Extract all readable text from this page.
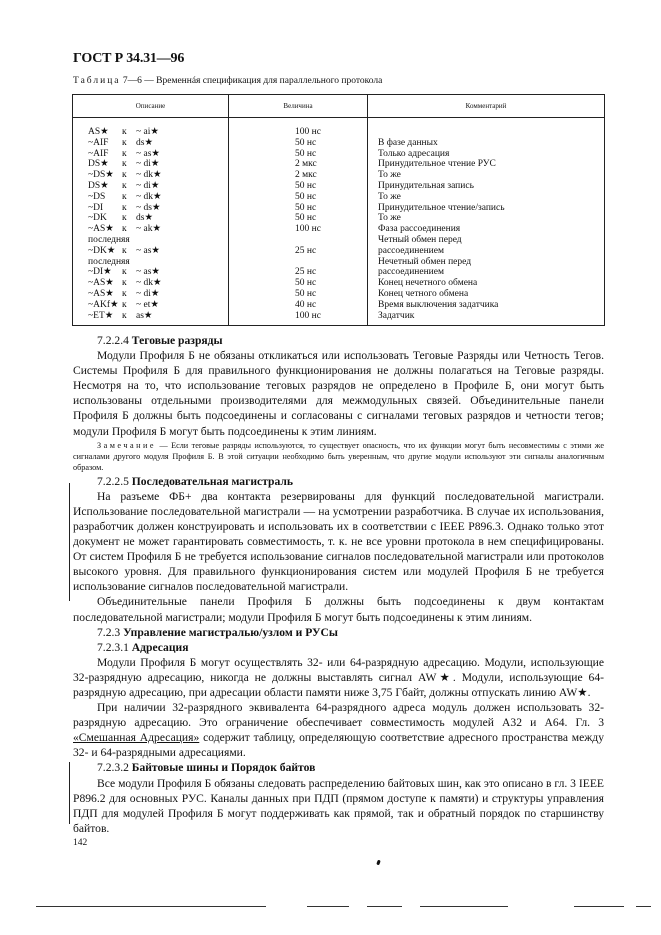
ГОСТ Р 34.31—96
Таблица 7—6 — Временнáя спецификация для параллельного протокола
Описание	Величина	Комментарий
AS★ к ~ ai★	100 нс	
~AIF к ds★	50 нс	В фазе данных
~AIF к ~ as★	50 нс	Только адресация
DS★ к ~ di★	2 мкс	Принудительное чтение РУС
~DS★ к ~ dk★	2 мкс	То же
DS★ к ~ di★	50 нс	Принудительная запись
~DS к ~ dk★	50 нс	То же
~DI к ~ ds★	50 нс	Принудительное чтение/запись
~DK к ds★	50 нс	То же
~AS★ к ~ ak★	100 нс	Фаза рассоединения
последняя		Четный обмен перед
~DK★ к ~ as★	25 нс	рассоединением
последняя		Нечетный обмен перед
~DI★ к ~ as★	25 нс	рассоединением
~AS★ к ~ dk★	50 нс	Конец нечетного обмена
~AS★ к ~ di★	50 нс	Конец четного обмена
~AKf★ к ~ et★	40 нс	Время выключения задатчика
~ET★ к as★	100 нс	Задатчик
7.2.2.4 Теговые разряды

Модули Профиля Б не обязаны откликаться или использовать Теговые Разряды или Четность Тегов. Системы Профиля Б для правильного функционирования не должны полагаться на Теговые разряды. Несмотря на то, что использование теговых разрядов не определено в Профиле Б, они могут быть использованы отдельными производителями для межмодульных связей. Объединительные панели Профиля Б должны быть подсоединены и согласованы с сигналами теговых разрядов и четности тегов; модули Профиля Б могут быть подсоединены к этим линиям.

Замечание — Если теговые разряды используются, то существует опасность, что их функции могут быть несовместимы с этими же сигналами другого модуля Профиля Б. В этой ситуации необходимо быть уверенным, что другие модули используют эти сигналы аналогичным образом.

7.2.2.5 Последовательная магистраль

На разъеме ФБ+ два контакта резервированы для функций последовательной магистрали. Использование последовательной магистрали — на усмотрении разработчика. В случае их использования, разработчик должен конструировать и использовать их в соответствии с IEEE P896.3. Однако только этот документ не может гарантировать совместимость, т. к. не все уровни протокола в нем специфицированы. От систем Профиля Б не требуется использование сигналов последовательной магистрали или протоколов высокого уровня. Для правильного функционирования систем или модулей Профиля Б не требуется использование сигналов последовательной магистрали.

Объединительные панели Профиля Б должны быть подсоединены к двум контактам последовательной магистрали; модули Профиля Б могут быть подсоединены к этим линиям.

7.2.3 Управление магистралью/узлом и РУСы
7.2.3.1 Адресация

Модули Профиля Б могут осуществлять 32- или 64-разрядную адресацию. Модули, использующие 32-разрядную адресацию, никогда не должны выставлять сигнал AW★. Модули, использующие 64-разрядную адресацию, при адресации области памяти ниже 3,75 Гбайт, должны отпускать линию AW★.

При наличии 32-разрядного эквивалента 64-разрядного адреса модуль должен использовать 32-разрядную адресацию. Это ограничение обеспечивает совместимость модулей A32 и A64. Гл. 3 «Смешанная Адресация» содержит таблицу, определяющую соответствие адресного пространства между 32- и 64-разрядными адресациями.

7.2.3.2 Байтовые шины и Порядок байтов

Все модули Профиля Б обязаны следовать распределению байтовых шин, как это описано в гл. 3 IEEE P896.2 для основных РУС. Каналы данных при ПДП (прямом доступе к памяти) и структуры управления ПДП для модулей Профиля Б могут поддерживать как прямой, так и обратный порядок по старшинству байтов.

142
